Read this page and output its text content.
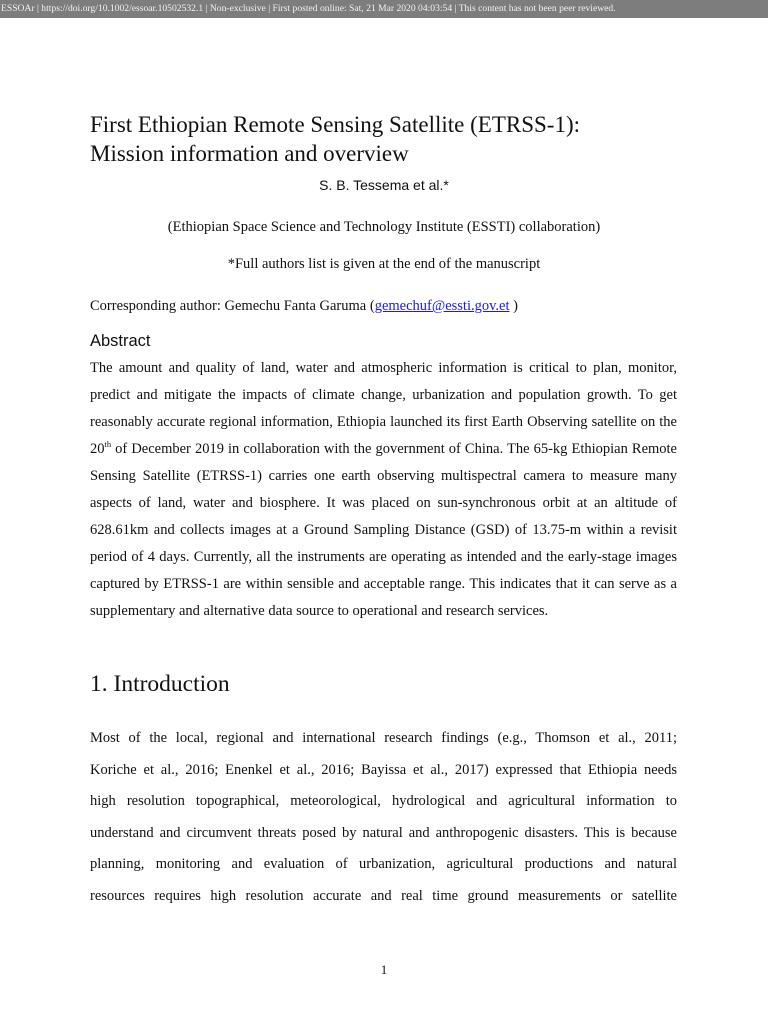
ESSOAr | https://doi.org/10.1002/essoar.10502532.1 | Non-exclusive | First posted online: Sat, 21 Mar 2020 04:03:54 | This content has not been peer reviewed.
First Ethiopian Remote Sensing Satellite (ETRSS-1):
Mission information and overview
S. B. Tessema et al.*
(Ethiopian Space Science and Technology Institute (ESSTI) collaboration)
*Full authors list is given at the end of the manuscript
Corresponding author: Gemechu Fanta Garuma (gemechuf@essti.gov.et )
Abstract

The amount and quality of land, water and atmospheric information is critical to plan, monitor, predict and mitigate the impacts of climate change, urbanization and population growth. To get reasonably accurate regional information, Ethiopia launched its first Earth Observing satellite on the 20th of December 2019 in collaboration with the government of China. The 65-kg Ethiopian Remote Sensing Satellite (ETRSS-1) carries one earth observing multispectral camera to measure many aspects of land, water and biosphere. It was placed on sun-synchronous orbit at an altitude of 628.61km and collects images at a Ground Sampling Distance (GSD) of 13.75-m within a revisit period of 4 days. Currently, all the instruments are operating as intended and the early-stage images captured by ETRSS-1 are within sensible and acceptable range. This indicates that it can serve as a supplementary and alternative data source to operational and research services.

1. Introduction
Most of the local, regional and international research findings (e.g., Thomson et al., 2011;
Koriche et al., 2016; Enenkel et al., 2016; Bayissa et al., 2017) expressed that Ethiopia needs
high resolution topographical, meteorological, hydrological and agricultural information to
understand and circumvent threats posed by natural and anthropogenic disasters. This is because
planning, monitoring and evaluation of urbanization, agricultural productions and natural
resources requires high resolution accurate and real time ground measurements or satellite
1
